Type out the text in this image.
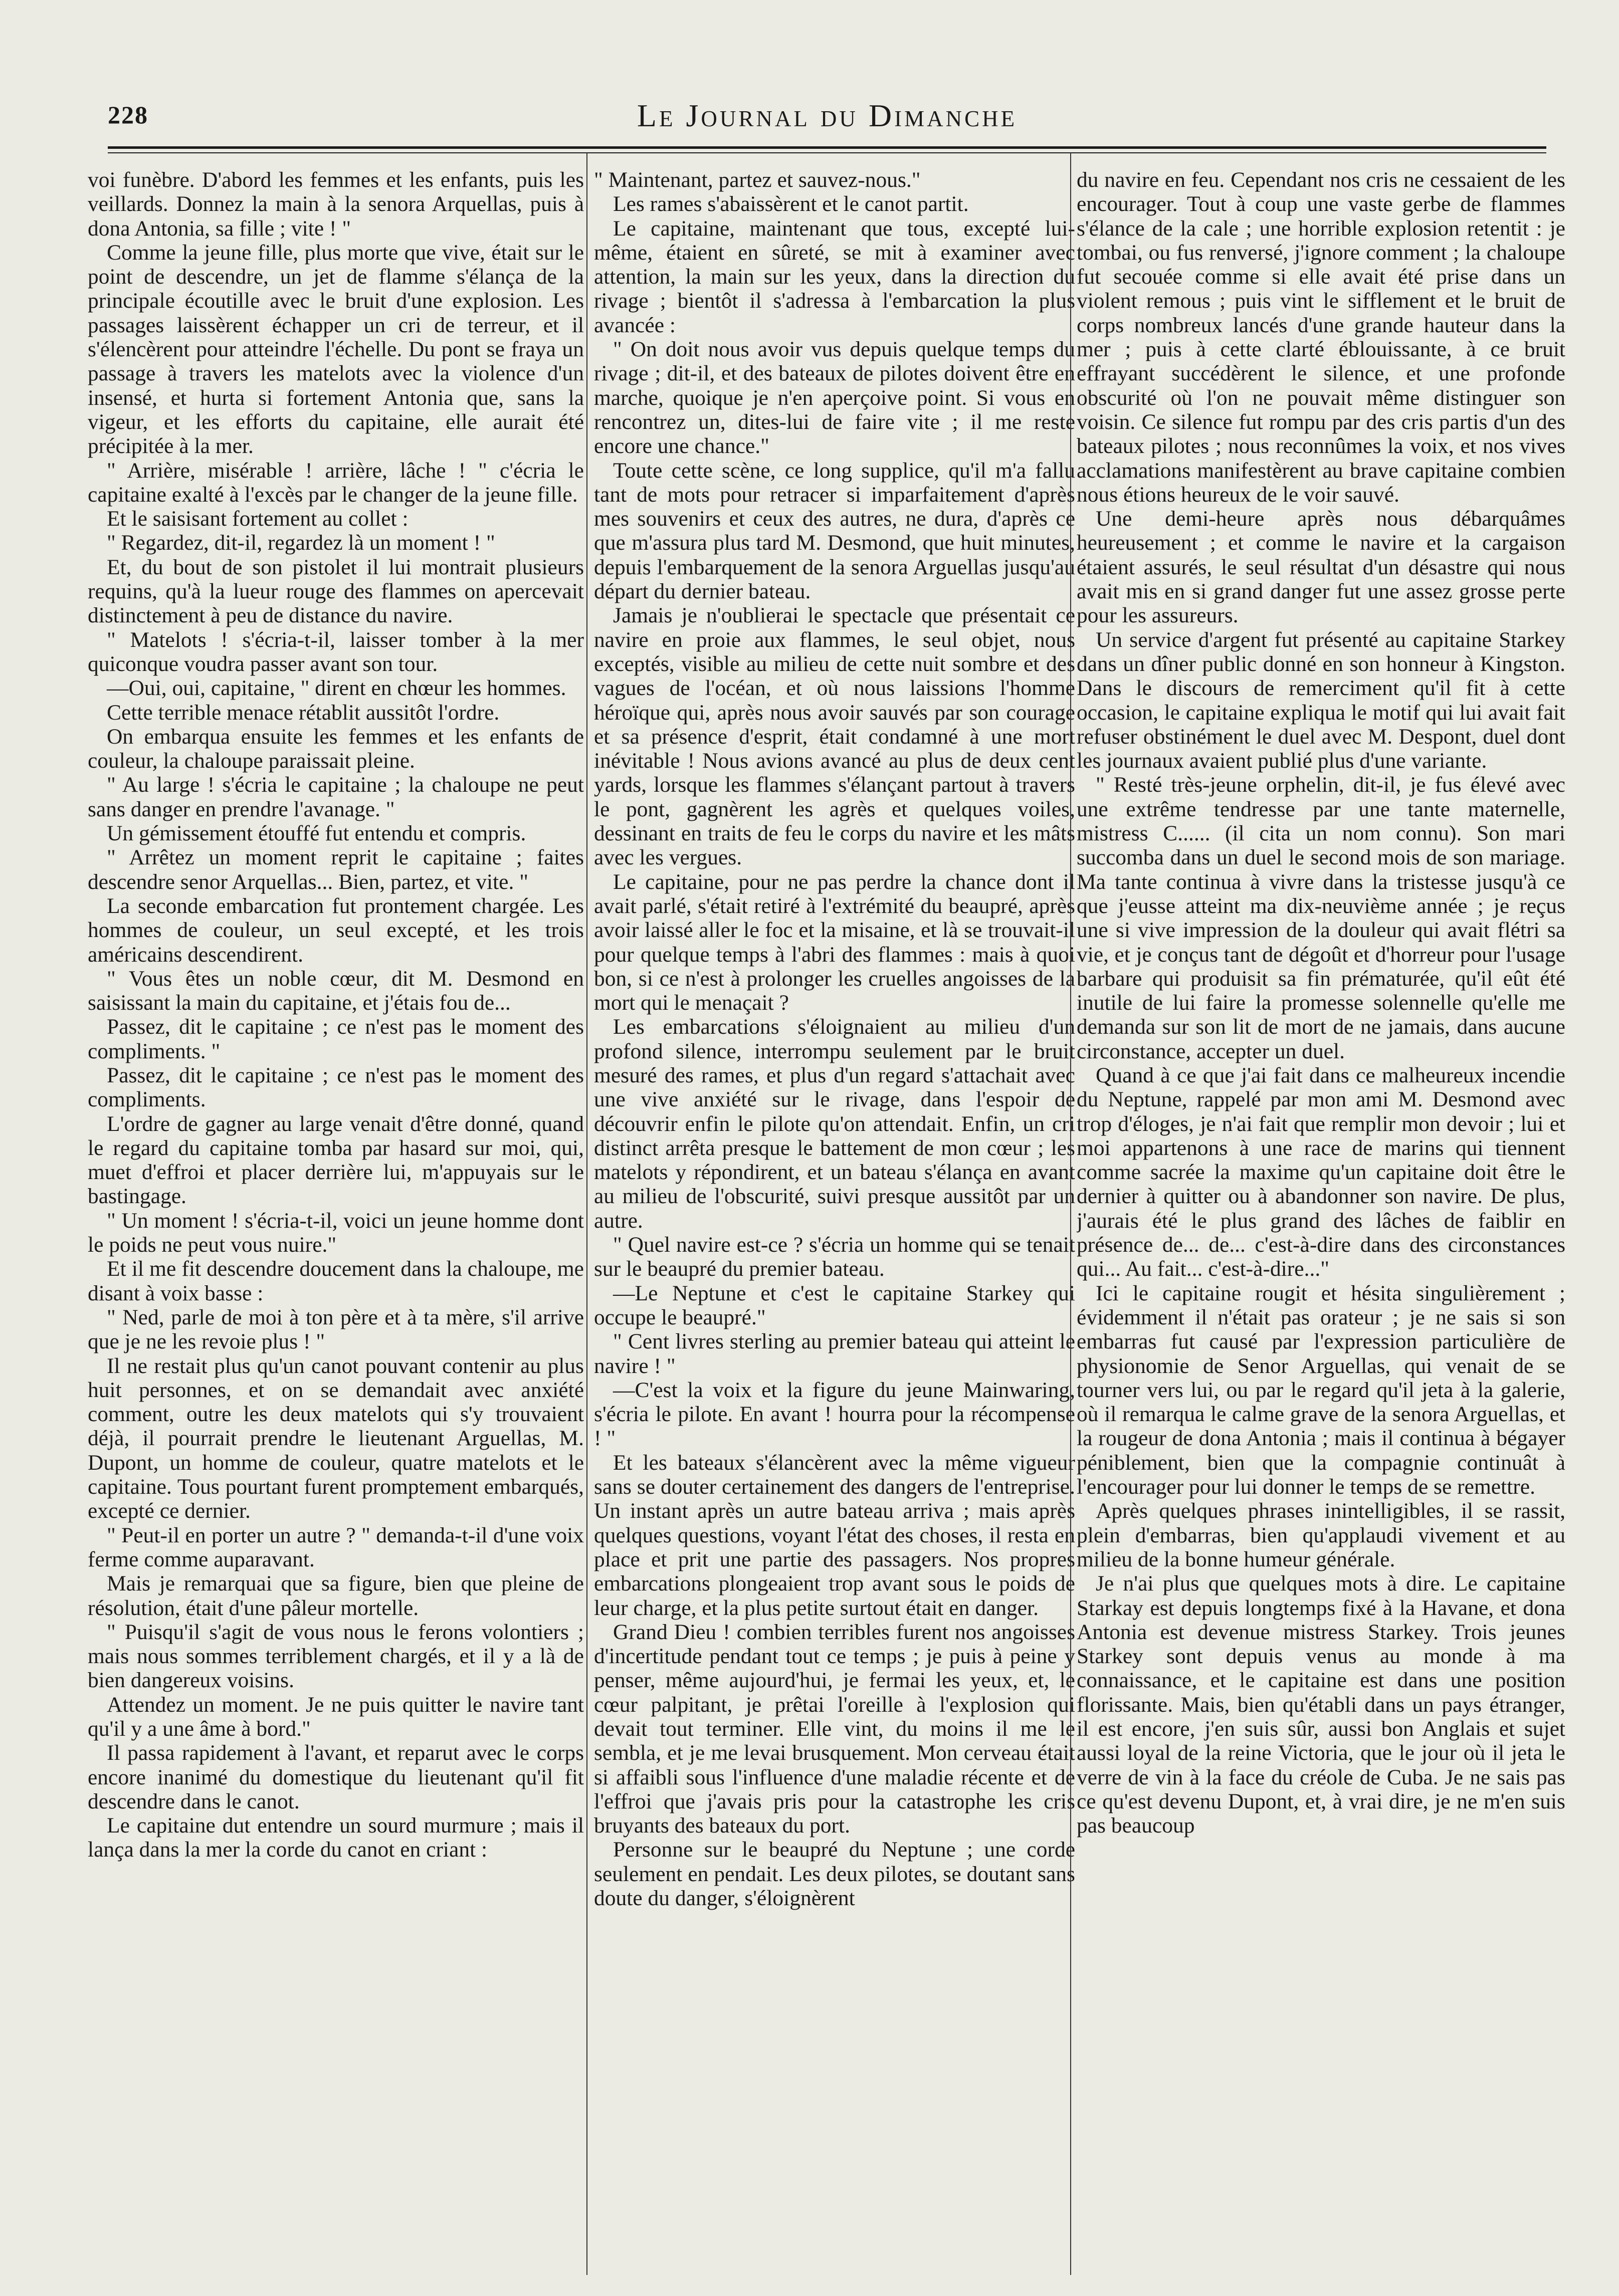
228	Le Journal du Dimanche

voi funèbre. D'abord les femmes et les enfants, puis les veillards. Donnez la main à la senora Arquellas, puis à dona Antonia, sa fille ; vite ! "

Comme la jeune fille, plus morte que vive, était sur le point de descendre, un jet de flamme s'élança de la principale écoutille avec le bruit d'une explosion. Les passages laissèrent échapper un cri de terreur, et il s'élencèrent pour atteindre l'échelle. Du pont se fraya un passage à travers les matelots avec la violence d'un insensé, et hurta si fortement Antonia que, sans la vigeur, et les efforts du capitaine, elle aurait été précipitée à la mer.

" Arrière, misérable ! arrière, lâche ! " c'écria le capitaine exalté à l'excès par le changer de la jeune fille.

Et le saisisant fortement au collet :

" Regardez, dit-il, regardez là un moment ! "

Et, du bout de son pistolet il lui montrait plusieurs requins, qu'à la lueur rouge des flammes on apercevait distinctement à peu de distance du navire.

" Matelots ! s'écria-t-il, laisser tomber à la mer quiconque voudra passer avant son tour.

—Oui, oui, capitaine, " dirent en chœur les hommes.

Cette terrible menace rétablit aussitôt l'ordre.

On embarqua ensuite les femmes et les enfants de couleur, la chaloupe paraissait pleine.

" Au large ! s'écria le capitaine ; la chaloupe ne peut sans danger en prendre l'avanage. "

Un gémissement étouffé fut entendu et compris.

" Arrêtez un moment reprit le capitaine ; faites descendre senor Arquellas... Bien, partez, et vite. "

La seconde embarcation fut prontement chargée. Les hommes de couleur, un seul excepté, et les trois américains descendirent.

" Vous êtes un noble cœur, dit M. Desmond en saisissant la main du capitaine, et j'étais fou de...

Passez, dit le capitaine ; ce n'est pas le moment des compliments. "

Passez, dit le capitaine ; ce n'est pas le moment des compliments.

L'ordre de gagner au large venait d'être donné, quand le regard du capitaine tomba par hasard sur moi, qui, muet d'effroi et placer derrière lui, m'appuyais sur le bastingage.

" Un moment ! s'écria-t-il, voici un jeune homme dont le poids ne peut vous nuire."

Et il me fit descendre doucement dans la chaloupe, me disant à voix basse :

" Ned, parle de moi à ton père et à ta mère, s'il arrive que je ne les revoie plus ! "

Il ne restait plus qu'un canot pouvant contenir au plus huit personnes, et on se demandait avec anxiété comment, outre les deux matelots qui s'y trouvaient déjà, il pourrait prendre le lieutenant Arguellas, M. Dupont, un homme de couleur, quatre matelots et le capitaine. Tous pourtant furent promptement embarqués, excepté ce dernier.

" Peut-il en porter un autre ? " demanda-t-il d'une voix ferme comme auparavant.

Mais je remarquai que sa figure, bien que pleine de résolution, était d'une pâleur mortelle.

" Puisqu'il s'agit de vous nous le ferons volontiers ; mais nous sommes terriblement chargés, et il y a là de bien dangereux voisins.

Attendez un moment. Je ne puis quitter le navire tant qu'il y a une âme à bord."

Il passa rapidement à l'avant, et reparut avec le corps encore inanimé du domestique du lieutenant qu'il fit descendre dans le canot.

Le capitaine dut entendre un sourd murmure ; mais il lança dans la mer la corde du canot en criant :

" Maintenant, partez et sauvez-nous."

Les rames s'abaissèrent et le canot partit.

Le capitaine, maintenant que tous, excepté lui-même, étaient en sûreté, se mit à examiner avec attention, la main sur les yeux, dans la direction du rivage ; bientôt il s'adressa à l'embarcation la plus avancée :

" On doit nous avoir vus depuis quelque temps du rivage ; dit-il, et des bateaux de pilotes doivent être en marche, quoique je n'en aperçoive point. Si vous en rencontrez un, dites-lui de faire vite ; il me reste encore une chance."

Toute cette scène, ce long supplice, qu'il m'a fallu tant de mots pour retracer si imparfaitement d'après mes souvenirs et ceux des autres, ne dura, d'après ce que m'assura plus tard M. Desmond, que huit minutes, depuis l'embarquement de la senora Arguellas jusqu'au départ du dernier bateau.

Jamais je n'oublierai le spectacle que présentait ce navire en proie aux flammes, le seul objet, nous exceptés, visible au milieu de cette nuit sombre et des vagues de l'océan, et où nous laissions l'homme héroïque qui, après nous avoir sauvés par son courage et sa présence d'esprit, était condamné à une mort inévitable ! Nous avions avancé au plus de deux cent yards, lorsque les flammes s'élançant partout à travers le pont, gagnèrent les agrès et quelques voiles, dessinant en traits de feu le corps du navire et les mâts avec les vergues.

Le capitaine, pour ne pas perdre la chance dont il avait parlé, s'était retiré à l'extrémité du beaupré, après avoir laissé aller le foc et la misaine, et là se trouvait-il pour quelque temps à l'abri des flammes : mais à quoi bon, si ce n'est à prolonger les cruelles angoisses de la mort qui le menaçait ?

Les embarcations s'éloignaient au milieu d'un profond silence, interrompu seulement par le bruit mesuré des rames, et plus d'un regard s'attachait avec une vive anxiété sur le rivage, dans l'espoir de découvrir enfin le pilote qu'on attendait. Enfin, un cri distinct arrêta presque le battement de mon cœur ; les matelots y répondirent, et un bateau s'élança en avant au milieu de l'obscurité, suivi presque aussitôt par un autre.

" Quel navire est-ce ? s'écria un homme qui se tenait sur le beaupré du premier bateau.

—Le Neptune et c'est le capitaine Starkey qui occupe le beaupré."

" Cent livres sterling au premier bateau qui atteint le navire ! "

—C'est la voix et la figure du jeune Mainwaring, s'écria le pilote. En avant ! hourra pour la récompense ! "

Et les bateaux s'élancèrent avec la même vigueur sans se douter certainement des dangers de l'entreprise. Un instant après un autre bateau arriva ; mais après quelques questions, voyant l'état des choses, il resta en place et prit une partie des passagers. Nos propres embarcations plongeaient trop avant sous le poids de leur charge, et la plus petite surtout était en danger.

Grand Dieu ! combien terribles furent nos angoisses d'incertitude pendant tout ce temps ; je puis à peine y penser, même aujourd'hui, je fermai les yeux, et, le cœur palpitant, je prêtai l'oreille à l'explosion qui devait tout terminer. Elle vint, du moins il me le sembla, et je me levai brusquement. Mon cerveau était si affaibli sous l'influence d'une maladie récente et de l'effroi que j'avais pris pour la catastrophe les cris bruyants des bateaux du port.

Personne sur le beaupré du Neptune ; une corde seulement en pendait. Les deux pilotes, se doutant sans doute du danger, s'éloignèrent

du navire en feu. Cependant nos cris ne cessaient de les encourager. Tout à coup une vaste gerbe de flammes s'élance de la cale ; une horrible explosion retentit : je tombai, ou fus renversé, j'ignore comment ; la chaloupe fut secouée comme si elle avait été prise dans un violent remous ; puis vint le sifflement et le bruit de corps nombreux lancés d'une grande hauteur dans la mer ; puis à cette clarté éblouissante, à ce bruit effrayant succédèrent le silence, et une profonde obscurité où l'on ne pouvait même distinguer son voisin. Ce silence fut rompu par des cris partis d'un des bateaux pilotes ; nous reconnûmes la voix, et nos vives acclamations manifestèrent au brave capitaine combien nous étions heureux de le voir sauvé.

Une demi-heure après nous débarquâmes heureusement ; et comme le navire et la cargaison étaient assurés, le seul résultat d'un désastre qui nous avait mis en si grand danger fut une assez grosse perte pour les assureurs.

Un service d'argent fut présenté au capitaine Starkey dans un dîner public donné en son honneur à Kingston. Dans le discours de remerciment qu'il fit à cette occasion, le capitaine expliqua le motif qui lui avait fait refuser obstinément le duel avec M. Despont, duel dont les journaux avaient publié plus d'une variante.

" Resté très-jeune orphelin, dit-il, je fus élevé avec une extrême tendresse par une tante maternelle, mistress C...... (il cita un nom connu). Son mari succomba dans un duel le second mois de son mariage. Ma tante continua à vivre dans la tristesse jusqu'à ce que j'eusse atteint ma dix-neuvième année ; je reçus une si vive impression de la douleur qui avait flétri sa vie, et je conçus tant de dégoût et d'horreur pour l'usage barbare qui produisit sa fin prématurée, qu'il eût été inutile de lui faire la promesse solennelle qu'elle me demanda sur son lit de mort de ne jamais, dans aucune circonstance, accepter un duel.

Quand à ce que j'ai fait dans ce malheureux incendie du Neptune, rappelé par mon ami M. Desmond avec trop d'éloges, je n'ai fait que remplir mon devoir ; lui et moi appartenons à une race de marins qui tiennent comme sacrée la maxime qu'un capitaine doit être le dernier à quitter ou à abandonner son navire. De plus, j'aurais été le plus grand des lâches de faiblir en présence de... de... c'est-à-dire dans des circonstances qui... Au fait... c'est-à-dire..."

Ici le capitaine rougit et hésita singulièrement ; évidemment il n'était pas orateur ; je ne sais si son embarras fut causé par l'expression particulière de physionomie de Senor Arguellas, qui venait de se tourner vers lui, ou par le regard qu'il jeta à la galerie, où il remarqua le calme grave de la senora Arguellas, et la rougeur de dona Antonia ; mais il continua à bégayer péniblement, bien que la compagnie continuât à l'encourager pour lui donner le temps de se remettre.

Après quelques phrases inintelligibles, il se rassit, plein d'embarras, bien qu'applaudi vivement et au milieu de la bonne humeur générale.

Je n'ai plus que quelques mots à dire. Le capitaine Starkay est depuis longtemps fixé à la Havane, et dona Antonia est devenue mistress Starkey. Trois jeunes Starkey sont depuis venus au monde à ma connaissance, et le capitaine est dans une position florissante. Mais, bien qu'établi dans un pays étranger, il est encore, j'en suis sûr, aussi bon Anglais et sujet aussi loyal de la reine Victoria, que le jour où il jeta le verre de vin à la face du créole de Cuba. Je ne sais pas ce qu'est devenu Dupont, et, à vrai dire, je ne m'en suis pas beaucoup
